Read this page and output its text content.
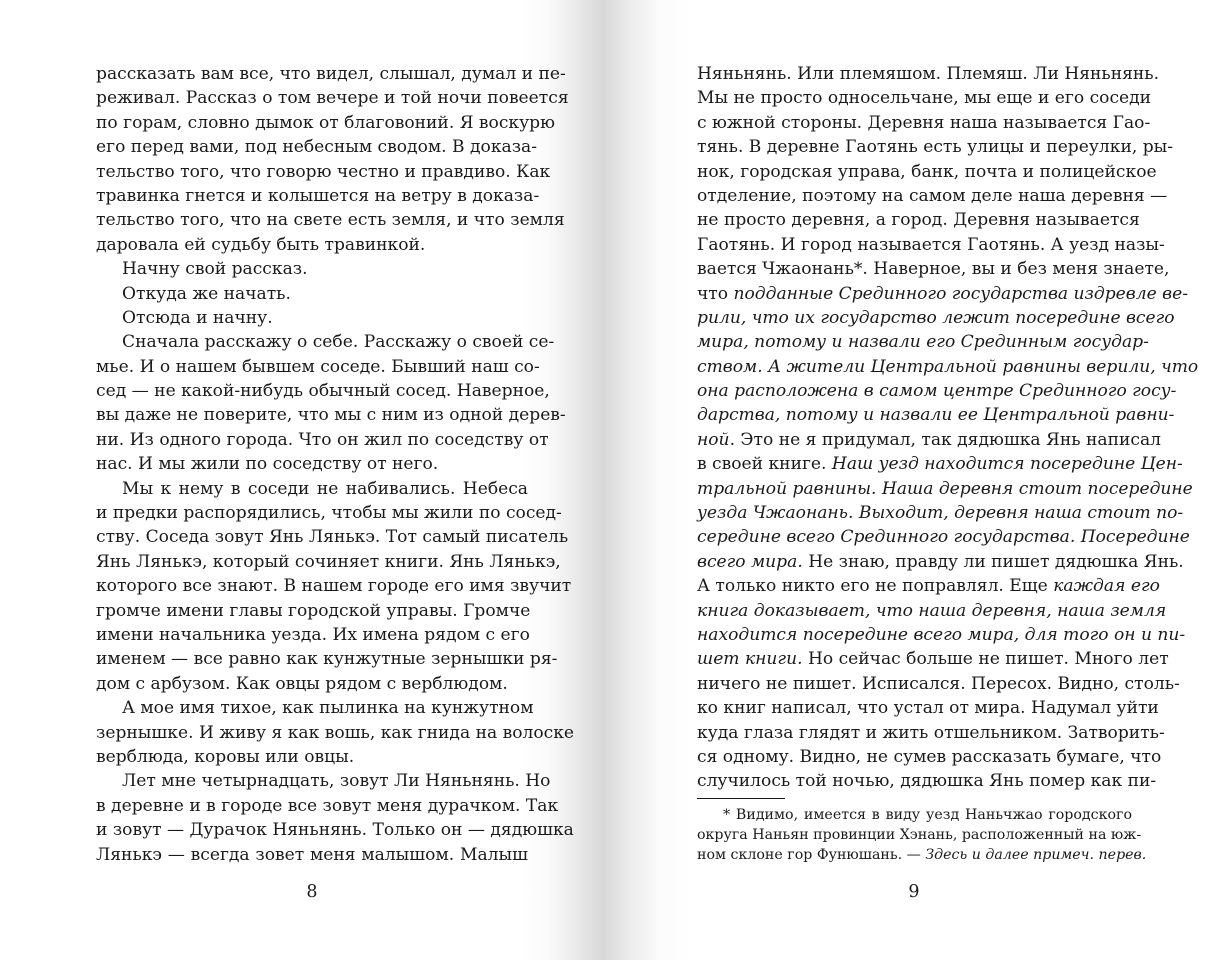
рассказать вам все, что видел, слышал, думал и пе-
реживал. Рассказ о том вечере и той ночи повеется
по горам, словно дымок от благовоний. Я воскурю
его перед вами, под небесным сводом. В доказа-
тельство того, что говорю честно и правдиво. Как
травинка гнется и колышется на ветру в доказа-
тельство того, что на свете есть земля, и что земля
даровала ей судьбу быть травинкой.
Начну свой рассказ.
Откуда же начать.
Отсюда и начну.
Сначала расскажу о себе. Расскажу о своей се-
мье. И о нашем бывшем соседе. Бывший наш со-
сед — не какой-нибудь обычный сосед. Наверное,
вы даже не поверите, что мы с ним из одной дерев-
ни. Из одного города. Что он жил по соседству от
нас. И мы жили по соседству от него.
Мы к нему в соседи не набивались. Небеса
и предки распорядились, чтобы мы жили по сосед-
ству. Соседа зовут Янь Лянькэ. Тот самый писатель
Янь Лянькэ, который сочиняет книги. Янь Лянькэ,
которого все знают. В нашем городе его имя звучит
громче имени главы городской управы. Громче
имени начальника уезда. Их имена рядом с его
именем — все равно как кунжутные зернышки ря-
дом с арбузом. Как овцы рядом с верблюдом.
А мое имя тихое, как пылинка на кунжутном
зернышке. И живу я как вошь, как гнида на волоске
верблюда, коровы или овцы.
Лет мне четырнадцать, зовут Ли Няньнянь. Но
в деревне и в городе все зовут меня дурачком. Так
и зовут — Дурачок Няньнянь. Только он — дядюшка
Лянькэ — всегда зовет меня малышом. Малыш
Няньнянь. Или племяшом. Племяш. Ли Няньнянь.
Мы не просто односельчане, мы еще и его соседи
с южной стороны. Деревня наша называется Гао-
тянь. В деревне Гаотянь есть улицы и переулки, ры-
нок, городская управа, банк, почта и полицейское
отделение, поэтому на самом деле наша деревня —
не просто деревня, а город. Деревня называется
Гаотянь. И город называется Гаотянь. А уезд назы-
вается Чжаонань*. Наверное, вы и без меня знаете,
что подданные Срединного государства издревле ве-
рили, что их государство лежит посередине всего
мира, потому и назвали его Срединным государ-
ством. А жители Центральной равнины верили, что
она расположена в самом центре Срединного госу-
дарства, потому и назвали ее Центральной равни-
ной. Это не я придумал, так дядюшка Янь написал
в своей книге. Наш уезд находится посередине Цен-
тральной равнины. Наша деревня стоит посередине
уезда Чжаонань. Выходит, деревня наша стоит по-
середине всего Срединного государства. Посередине
всего мира. Не знаю, правду ли пишет дядюшка Янь.
А только никто его не поправлял. Еще каждая его
книга доказывает, что наша деревня, наша земля
находится посередине всего мира, для того он и пи-
шет книги. Но сейчас больше не пишет. Много лет
ничего не пишет. Исписался. Пересох. Видно, столь-
ко книг написал, что устал от мира. Надумал уйти
куда глаза глядят и жить отшельником. Затворить-
ся одному. Видно, не сумев рассказать бумаге, что
случилось той ночью, дядюшка Янь помер как пи-
* Видимо, имеется в виду уезд Наньчжао городского
округа Наньян провинции Хэнань, расположенный на юж-
ном склоне гор Фунюшань. — Здесь и далее примеч. перев.
8	9
